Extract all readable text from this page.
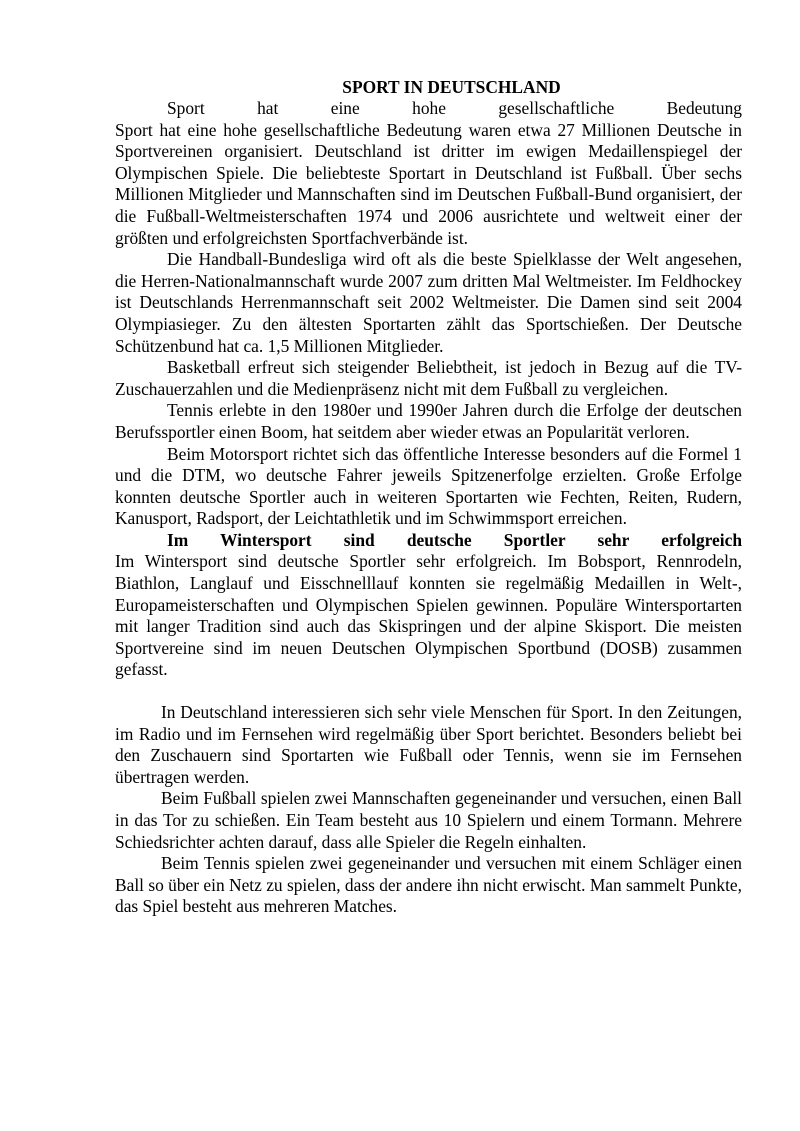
SPORT IN DEUTSCHLAND
Sport hat eine hohe gesellschaftliche Bedeutung

Sport hat eine hohe gesellschaftliche Bedeutung waren etwa 27 Millionen Deutsche in Sportvereinen organisiert. Deutschland ist dritter im ewigen Medaillenspiegel der Olympischen Spiele. Die beliebteste Sportart in Deutschland ist Fußball. Über sechs Millionen Mitglieder und Mannschaften sind im Deutschen Fußball-Bund organisiert, der die Fußball-Weltmeisterschaften 1974 und 2006 ausrichtete und weltweit einer der größten und erfolgreichsten Sportfachverbände ist.

Die Handball-Bundesliga wird oft als die beste Spielklasse der Welt angesehen, die Herren-Nationalmannschaft wurde 2007 zum dritten Mal Weltmeister. Im Feldhockey ist Deutschlands Herrenmannschaft seit 2002 Weltmeister. Die Damen sind seit 2004 Olympiasieger. Zu den ältesten Sportarten zählt das Sportschießen. Der Deutsche Schützenbund hat ca. 1,5 Millionen Mitglieder.

Basketball erfreut sich steigender Beliebtheit, ist jedoch in Bezug auf die TV-Zuschauerzahlen und die Medienpräsenz nicht mit dem Fußball zu vergleichen.

Tennis erlebte in den 1980er und 1990er Jahren durch die Erfolge der deutschen Berufssportler einen Boom, hat seitdem aber wieder etwas an Popularität verloren.

Beim Motorsport richtet sich das öffentliche Interesse besonders auf die Formel 1 und die DTM, wo deutsche Fahrer jeweils Spitzenerfolge erzielten. Große Erfolge konnten deutsche Sportler auch in weiteren Sportarten wie Fechten, Reiten, Rudern, Kanusport, Radsport, der Leichtathletik und im Schwimmsport erreichen.

Im Wintersport sind deutsche Sportler sehr erfolgreich

Im Wintersport sind deutsche Sportler sehr erfolgreich. Im Bobsport, Rennrodeln, Biathlon, Langlauf und Eisschnelllauf konnten sie regelmäßig Medaillen in Welt-, Europameisterschaften und Olympischen Spielen gewinnen. Populäre Wintersportarten mit langer Tradition sind auch das Skispringen und der alpine Skisport. Die meisten Sportvereine sind im neuen Deutschen Olympischen Sportbund (DOSB) zusammen gefasst.

In Deutschland interessieren sich sehr viele Menschen für Sport. In den Zeitungen, im Radio und im Fernsehen wird regelmäßig über Sport berichtet. Besonders beliebt bei den Zuschauern sind Sportarten wie Fußball oder Tennis, wenn sie im Fernsehen übertragen werden.

Beim Fußball spielen zwei Mannschaften gegeneinander und versuchen, einen Ball in das Tor zu schießen. Ein Team besteht aus 10 Spielern und einem Tormann. Mehrere Schiedsrichter achten darauf, dass alle Spieler die Regeln einhalten.

Beim Tennis spielen zwei gegeneinander und versuchen mit einem Schläger einen Ball so über ein Netz zu spielen, dass der andere ihn nicht erwischt. Man sammelt Punkte, das Spiel besteht aus mehreren Matches.
